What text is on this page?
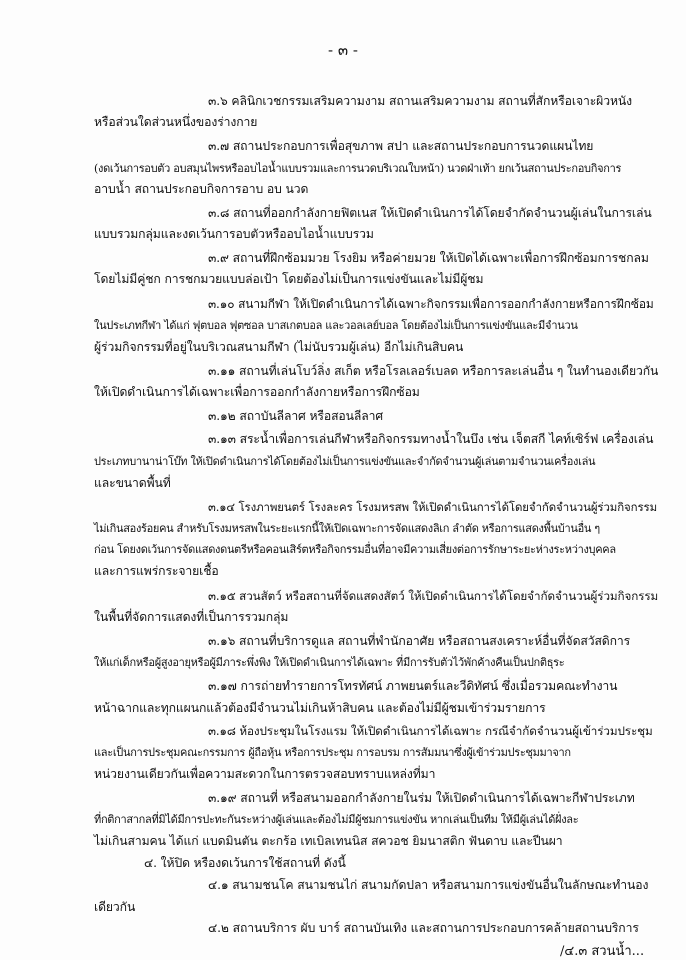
- ๓ -
๓.๖ คลินิกเวชกรรมเสริมความงาม สถานเสริมความงาม สถานที่สักหรือเจาะผิวหนัง
หรือส่วนใดส่วนหนึ่งของร่างกาย
๓.๗ สถานประกอบการเพื่อสุขภาพ สปา และสถานประกอบการนวดแผนไทย
(งดเว้นการอบตัว อบสมุนไพรหรืออบไอน้ำแบบรวมและการนวดบริเวณใบหน้า) นวดฝ่าเท้า ยกเว้นสถานประกอบกิจการ
อาบน้ำ สถานประกอบกิจการอาบ อบ นวด
๓.๘ สถานที่ออกกำลังกายฟิตเนส ให้เปิดดำเนินการได้โดยจำกัดจำนวนผู้เล่นในการเล่น
แบบรวมกลุ่มและงดเว้นการอบตัวหรืออบไอน้ำแบบรวม
๓.๙ สถานที่ฝึกซ้อมมวย โรงยิม หรือค่ายมวย ให้เปิดได้เฉพาะเพื่อการฝึกซ้อมการชกลม
โดยไม่มีคู่ชก การชกมวยแบบล่อเป้า โดยต้องไม่เป็นการแข่งขันและไม่มีผู้ชม
๓.๑๐ สนามกีฬา ให้เปิดดำเนินการได้เฉพาะกิจกรรมเพื่อการออกกำลังกายหรือการฝึกซ้อม
ในประเภทกีฬา ได้แก่ ฟุตบอล ฟุตซอล บาสเกตบอล และวอลเลย์บอล โดยต้องไม่เป็นการแข่งขันและมีจำนวน
ผู้ร่วมกิจกรรมที่อยู่ในบริเวณสนามกีฬา (ไม่นับรวมผู้เล่น) อีกไม่เกินสิบคน
๓.๑๑ สถานที่เล่นโบว์ลิ่ง สเก็ต หรือโรลเลอร์เบลด หรือการละเล่นอื่น ๆ ในทำนองเดียวกัน
ให้เปิดดำเนินการได้เฉพาะเพื่อการออกกำลังกายหรือการฝึกซ้อม
๓.๑๒ สถาบันลีลาศ หรือสอนลีลาศ
๓.๑๓ สระน้ำเพื่อการเล่นกีฬาหรือกิจกรรมทางน้ำในบึง เช่น เจ็ตสกี ไคท์เซิร์ฟ เครื่องเล่น
ประเภทบานาน่าโบ๊ท ให้เปิดดำเนินการได้โดยต้องไม่เป็นการแข่งขันและจำกัดจำนวนผู้เล่นตามจำนวนเครื่องเล่น
และขนาดพื้นที่
๓.๑๔ โรงภาพยนตร์ โรงละคร โรงมหรสพ ให้เปิดดำเนินการได้โดยจำกัดจำนวนผู้ร่วมกิจกรรม
ไม่เกินสองร้อยคน สำหรับโรงมหรสพในระยะแรกนี้ให้เปิดเฉพาะการจัดแสดงลิเก ลำตัด หรือการแสดงพื้นบ้านอื่น ๆ
ก่อน โดยงดเว้นการจัดแสดงดนตรีหรือคอนเสิร์ตหรือกิจกรรมอื่นที่อาจมีความเสี่ยงต่อการรักษาระยะห่างระหว่างบุคคล
และการแพร่กระจายเชื้อ
๓.๑๕ สวนสัตว์ หรือสถานที่จัดแสดงสัตว์ ให้เปิดดำเนินการได้โดยจำกัดจำนวนผู้ร่วมกิจกรรม
ในพื้นที่จัดการแสดงที่เป็นการรวมกลุ่ม
๓.๑๖ สถานที่บริการดูแล สถานที่พำนักอาศัย หรือสถานสงเคราะห์อื่นที่จัดสวัสดิการ
ให้แก่เด็กหรือผู้สูงอายุหรือผู้มีภาระพึ่งพิง ให้เปิดดำเนินการได้เฉพาะ ที่มีการรับตัวไว้พักค้างคืนเป็นปกติธุระ
๓.๑๗ การถ่ายทำรายการโทรทัศน์ ภาพยนตร์และวีดิทัศน์ ซึ่งเมื่อรวมคณะทำงาน
หน้าฉากและทุกแผนกแล้วต้องมีจำนวนไม่เกินห้าสิบคน และต้องไม่มีผู้ชมเข้าร่วมรายการ
๓.๑๘ ห้องประชุมในโรงแรม ให้เปิดดำเนินการได้เฉพาะ กรณีจำกัดจำนวนผู้เข้าร่วมประชุม
และเป็นการประชุมคณะกรรมการ ผู้ถือหุ้น หรือการประชุม การอบรม การสัมมนาซึ่งผู้เข้าร่วมประชุมมาจาก
หน่วยงานเดียวกันเพื่อความสะดวกในการตรวจสอบทราบแหล่งที่มา
๓.๑๙ สถานที่ หรือสนามออกกำลังกายในร่ม ให้เปิดดำเนินการได้เฉพาะกีฬาประเภท
ที่กติกาสากลที่มิได้มีการปะทะกันระหว่างผู้เล่นและต้องไม่มีผู้ชมการแข่งขัน หากเล่นเป็นทีม ให้มีผู้เล่นได้ฝั่งละ
ไม่เกินสามคน ได้แก่ แบดมินตัน ตะกร้อ เทเบิลเทนนิส สควอช ยิมนาสติก ฟันดาบ และปีนผา
๔. ให้ปิด หรืองดเว้นการใช้สถานที่ ดังนี้
๔.๑ สนามชนโค สนามชนไก่ สนามกัดปลา หรือสนามการแข่งขันอื่นในลักษณะทำนอง
เดียวกัน
๔.๒ สถานบริการ ผับ บาร์ สถานบันเทิง และสถานการประกอบการคล้ายสถานบริการ
/๔.๓ สวนน้ำ...
